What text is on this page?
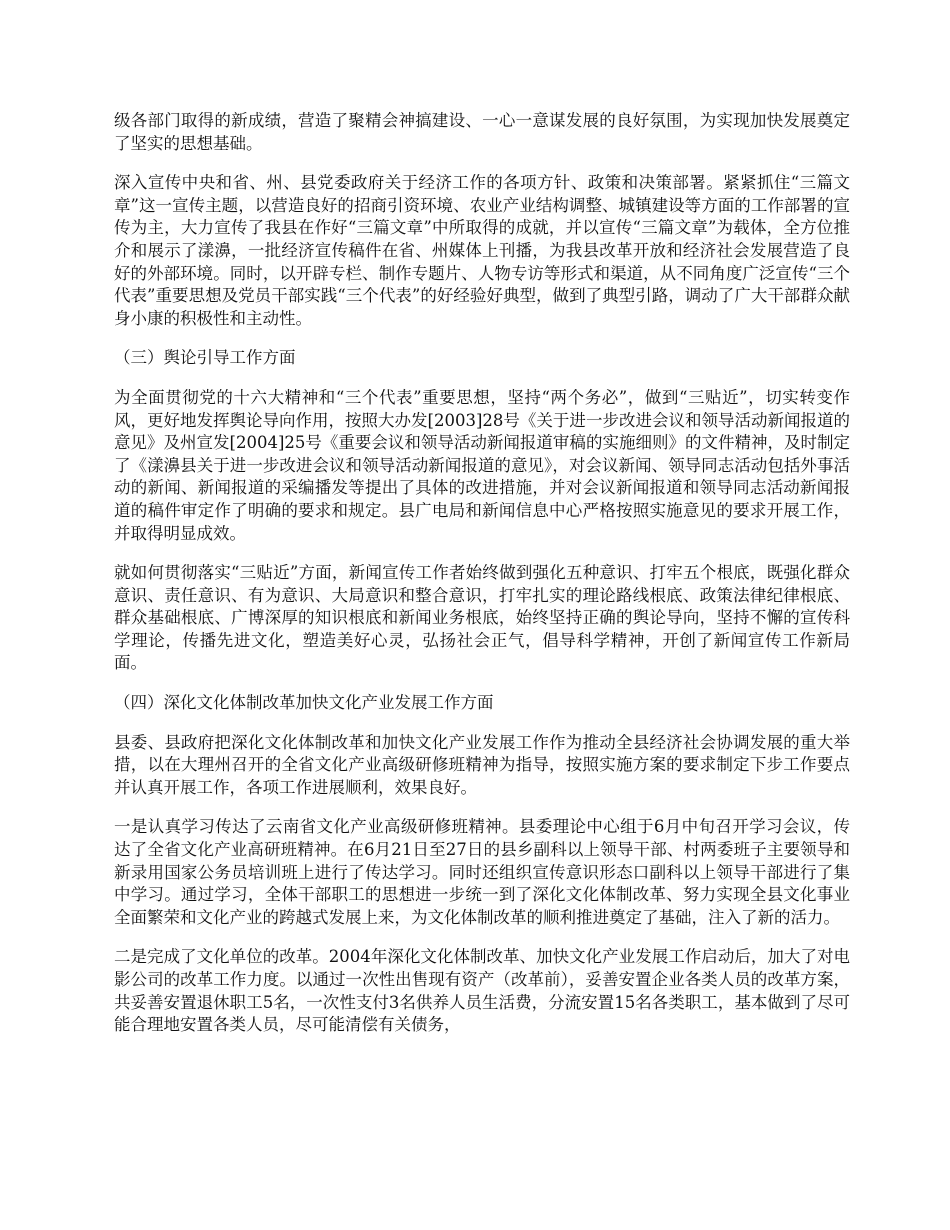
级各部门取得的新成绩，营造了聚精会神搞建设、一心一意谋发展的良好氛围，为实现加快发展奠定了坚实的思想基础。

深入宣传中央和省、州、县党委政府关于经济工作的各项方针、政策和决策部署。紧紧抓住“三篇文章”这一宣传主题，以营造良好的招商引资环境、农业产业结构调整、城镇建设等方面的工作部署的宣传为主，大力宣传了我县在作好“三篇文章”中所取得的成就，并以宣传“三篇文章”为载体，全方位推介和展示了漾濞，一批经济宣传稿件在省、州媒体上刊播，为我县改革开放和经济社会发展营造了良好的外部环境。同时，以开辟专栏、制作专题片、人物专访等形式和渠道，从不同角度广泛宣传“三个代表”重要思想及党员干部实践“三个代表”的好经验好典型，做到了典型引路，调动了广大干部群众献身小康的积极性和主动性。

（三）舆论引导工作方面

为全面贯彻党的十六大精神和“三个代表”重要思想，坚持“两个务必”，做到“三贴近”，切实转变作风，更好地发挥舆论导向作用，按照大办发[2003]28号《关于进一步改进会议和领导活动新闻报道的意见》及州宣发[2004]25号《重要会议和领导活动新闻报道审稿的实施细则》的文件精神，及时制定了《漾濞县关于进一步改进会议和领导活动新闻报道的意见》，对会议新闻、领导同志活动包括外事活动的新闻、新闻报道的采编播发等提出了具体的改进措施，并对会议新闻报道和领导同志活动新闻报道的稿件审定作了明确的要求和规定。县广电局和新闻信息中心严格按照实施意见的要求开展工作，并取得明显成效。

就如何贯彻落实“三贴近”方面，新闻宣传工作者始终做到强化五种意识、打牢五个根底，既强化群众意识、责任意识、有为意识、大局意识和整合意识，打牢扎实的理论路线根底、政策法律纪律根底、群众基础根底、广博深厚的知识根底和新闻业务根底，始终坚持正确的舆论导向，坚持不懈的宣传科学理论，传播先进文化，塑造美好心灵，弘扬社会正气，倡导科学精神，开创了新闻宣传工作新局面。

（四）深化文化体制改革加快文化产业发展工作方面

县委、县政府把深化文化体制改革和加快文化产业发展工作作为推动全县经济社会协调发展的重大举措，以在大理州召开的全省文化产业高级研修班精神为指导，按照实施方案的要求制定下步工作要点并认真开展工作，各项工作进展顺利，效果良好。

一是认真学习传达了云南省文化产业高级研修班精神。县委理论中心组于6月中旬召开学习会议，传达了全省文化产业高研班精神。在6月21日至27日的县乡副科以上领导干部、村两委班子主要领导和新录用国家公务员培训班上进行了传达学习。同时还组织宣传意识形态口副科以上领导干部进行了集中学习。通过学习，全体干部职工的思想进一步统一到了深化文化体制改革、努力实现全县文化事业全面繁荣和文化产业的跨越式发展上来，为文化体制改革的顺利推进奠定了基础，注入了新的活力。

二是完成了文化单位的改革。2004年深化文化体制改革、加快文化产业发展工作启动后，加大了对电影公司的改革工作力度。以通过一次性出售现有资产（改革前），妥善安置企业各类人员的改革方案，共妥善安置退休职工5名，一次性支付3名供养人员生活费，分流安置15名各类职工，基本做到了尽可能合理地安置各类人员，尽可能清偿有关债务，
